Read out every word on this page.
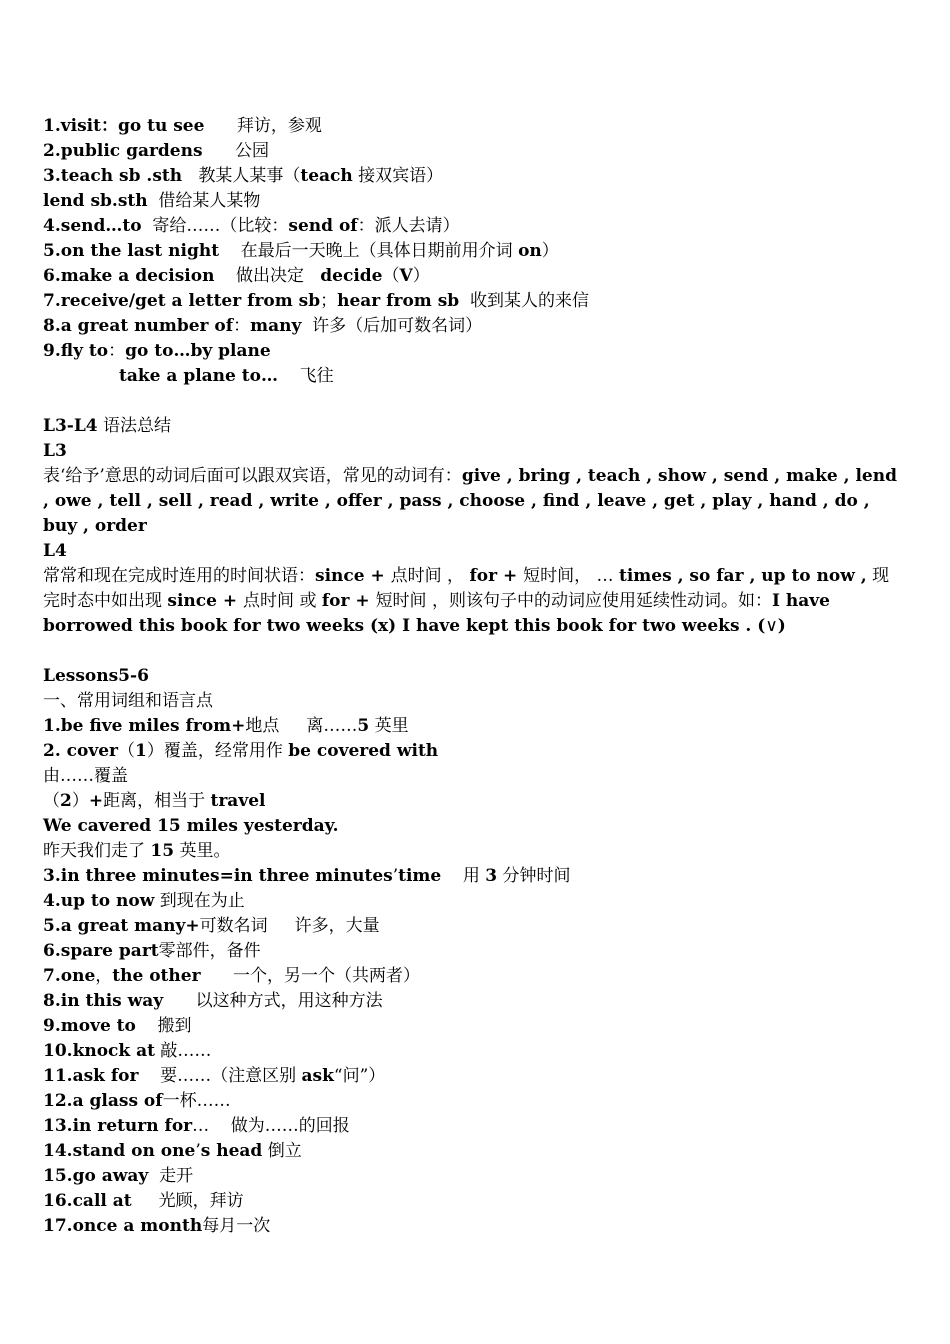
1.visit：go tu see      拜访，参观
2.public gardens      公园
3.teach sb .sth   教某人某事（teach 接双宾语）
lend sb.sth  借给某人某物
4.send…to  寄给……（比较：send of：派人去请）
5.on the last night    在最后一天晚上（具体日期前用介词 on）
6.make a decision    做出决定   decide（V）
7.receive/get a letter from sb；hear from sb  收到某人的来信
8.a great number of：many  许多（后加可数名词）
9.fly to：go to…by plane
take a plane to…    飞往
L3-L4 语法总结
L3
表‘给予’意思的动词后面可以跟双宾语，常见的动词有：give , bring , teach , show , send , make , lend , owe , tell , sell , read , write , offer , pass , choose , find , leave , get , play , hand , do , buy , order
L4
常常和现在完成时连用的时间状语：since + 点时间 ， for + 短时间， … times , so far , up to now , 现完时态中如出现 since + 点时间 或 for + 短时间 ，则该句子中的动词应使用延续性动词。如：I have borrowed this book for two weeks (x) I have kept this book for two weeks . (∨)
Lessons5-6
一、常用词组和语言点
1.be five miles from+地点     离……5 英里
2. cover（1）覆盖，经常用作 be covered with
由……覆盖
（2）+距离，相当于 travel
We cavered 15 miles yesterday.
昨天我们走了 15 英里。
3.in three minutes=in three minutes’time    用 3 分钟时间
4.up to now 到现在为止
5.a great many+可数名词     许多，大量
6.spare part零部件，备件
7.one，the other      一个，另一个（共两者）
8.in this way      以这种方式，用这种方法
9.move to    搬到
10.knock at 敲……
11.ask for    要……（注意区别 ask“问”）
12.a glass of一杯……
13.in return for…    做为……的回报
14.stand on one’s head 倒立
15.go away  走开
16.call at     光顾，拜访
17.once a month每月一次
